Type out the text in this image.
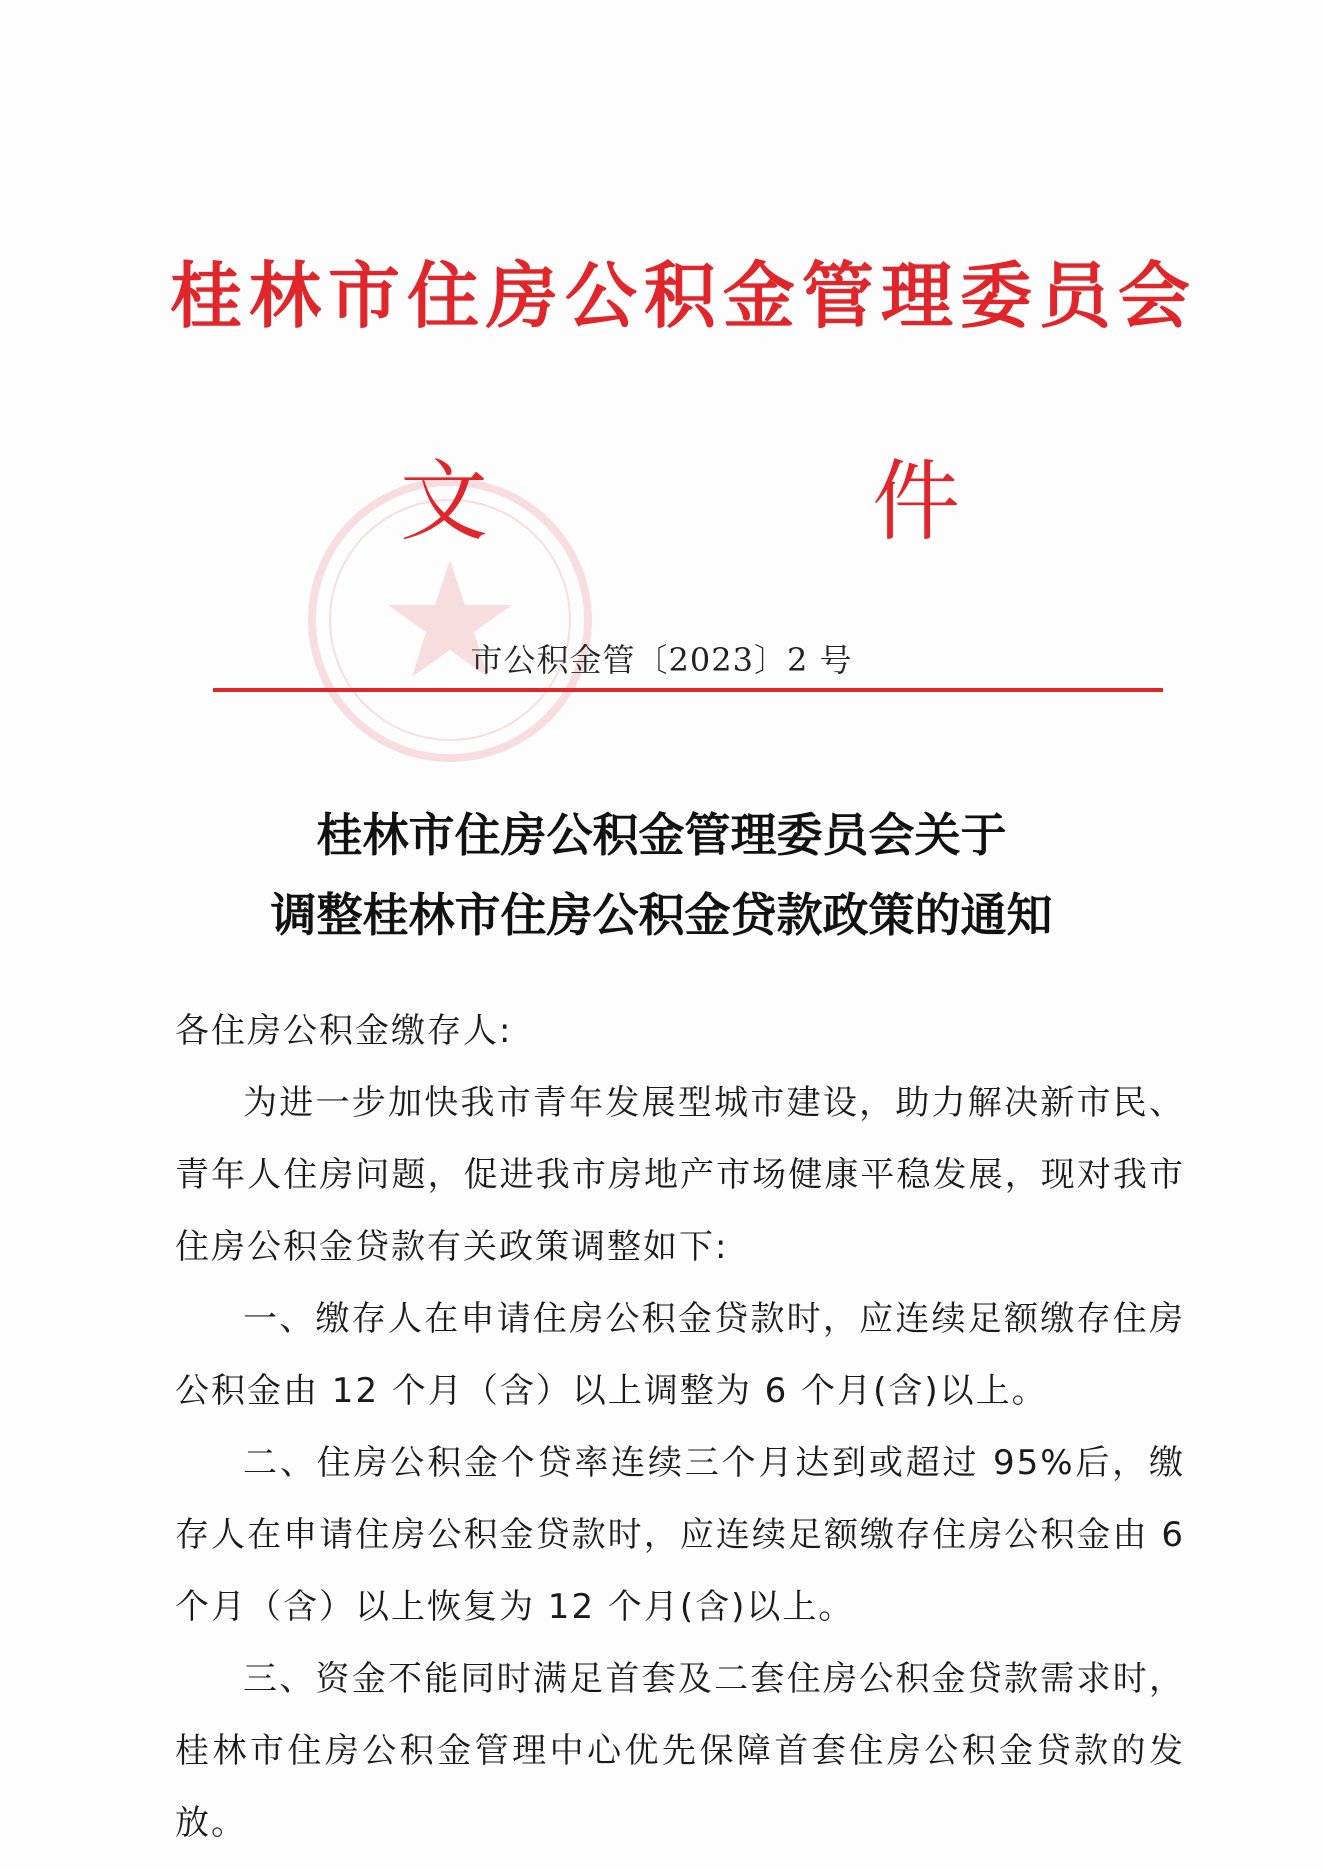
桂 林 市 住 房 公 积 金 管 理 委 员 会
文	件
市公积金管〔2023〕2 号
桂林市住房公积金管理委员会关于
调整桂林市住房公积金贷款政策的通知

各住房公积金缴存人:

为进一步加快我市青年发展型城市建设，助力解决新市民、青年人住房问题，促进我市房地产市场健康平稳发展，现对我市住房公积金贷款有关政策调整如下:

一、缴存人在申请住房公积金贷款时，应连续足额缴存住房公积金由 12 个月（含）以上调整为 6 个月(含)以上。

二、住房公积金个贷率连续三个月达到或超过 95%后，缴存人在申请住房公积金贷款时，应连续足额缴存住房公积金由 6 个月（含）以上恢复为 12 个月(含)以上。

三、资金不能同时满足首套及二套住房公积金贷款需求时，桂林市住房公积金管理中心优先保障首套住房公积金贷款的发放。
